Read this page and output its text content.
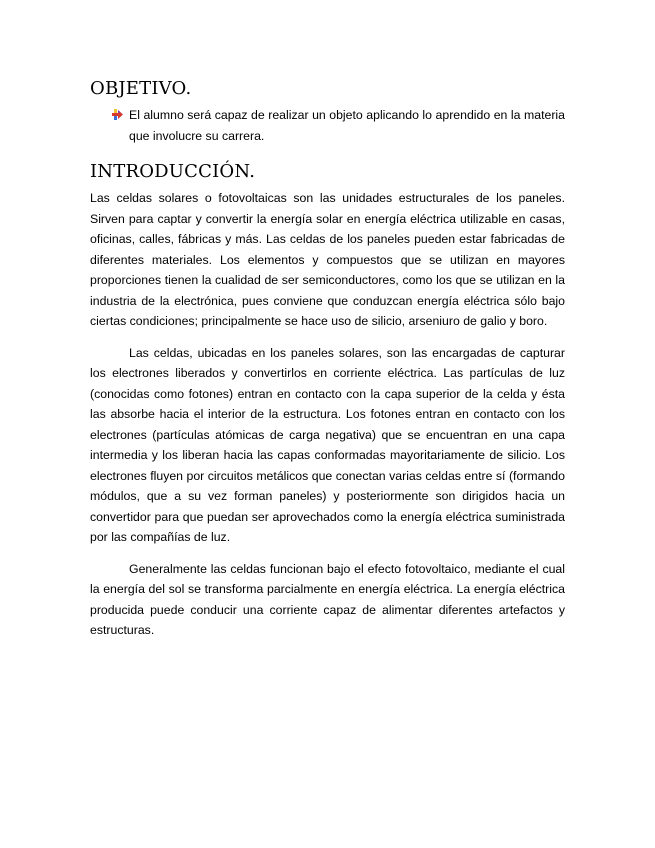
OBJETIVO.
El alumno será capaz de realizar un objeto aplicando lo aprendido en la materia que involucre su carrera.
INTRODUCCIÓN.

Las celdas solares o fotovoltaicas son las unidades estructurales de los paneles. Sirven para captar y convertir la energía solar en energía eléctrica utilizable en casas, oficinas, calles, fábricas y más. Las celdas de los paneles pueden estar fabricadas de diferentes materiales. Los elementos y compuestos que se utilizan en mayores proporciones tienen la cualidad de ser semiconductores, como los que se utilizan en la industria de la electrónica, pues conviene que conduzcan energía eléctrica sólo bajo ciertas condiciones; principalmente se hace uso de silicio, arseniuro de galio y boro.

Las celdas, ubicadas en los paneles solares, son las encargadas de capturar los electrones liberados y convertirlos en corriente eléctrica. Las partículas de luz (conocidas como fotones) entran en contacto con la capa superior de la celda y ésta las absorbe hacia el interior de la estructura. Los fotones entran en contacto con los electrones (partículas atómicas de carga negativa) que se encuentran en una capa intermedia y los liberan hacia las capas conformadas mayoritariamente de silicio. Los electrones fluyen por circuitos metálicos que conectan varias celdas entre sí (formando módulos, que a su vez forman paneles) y posteriormente son dirigidos hacia un convertidor para que puedan ser aprovechados como la energía eléctrica suministrada por las compañías de luz.

Generalmente las celdas funcionan bajo el efecto fotovoltaico, mediante el cual la energía del sol se transforma parcialmente en energía eléctrica. La energía eléctrica producida puede conducir una corriente capaz de alimentar diferentes artefactos y estructuras.
